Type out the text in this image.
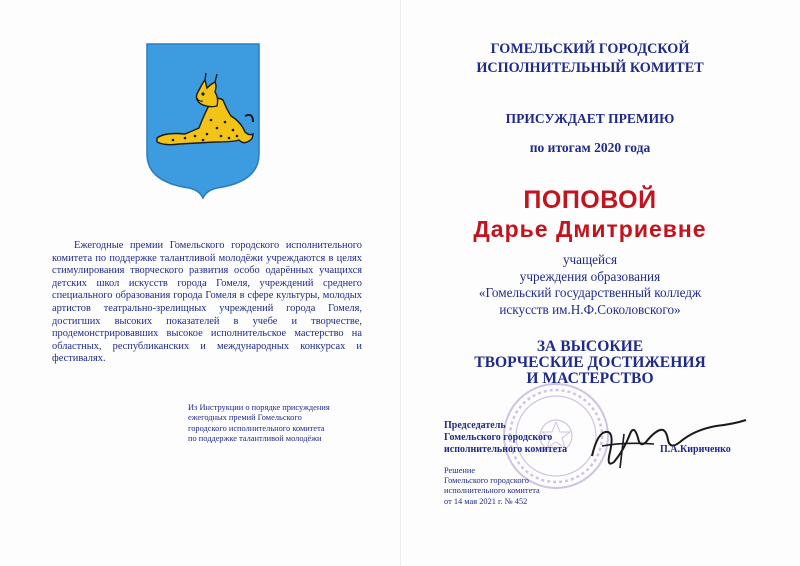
Ежегодные премии Гомельского городского исполнительного комитета по поддержке талантливой молодёжи учреждаются в целях стимулирования творческого развития особо одарённых учащихся детских школ искусств города Гомеля, учреждений среднего специального образования города Гомеля в сфере культуры, молодых артистов театрально-зрелищных учреждений города Гомеля, достигших высоких показателей в учебе и творчестве, продемонстрировавших высокое исполнительское мастерство на областных, республиканских и международных конкурсах и фестивалях.

Из Инструкции о порядке присуждения
ежегодных премий Гомельского
городского исполнительного комитета
по поддержке талантливой молодёжи
ГОМЕЛЬСКИЙ ГОРОДСКОЙ
ИСПОЛНИТЕЛЬНЫЙ КОМИТЕТ
ПРИСУЖДАЕТ ПРЕМИЮ
по итогам 2020 года
ПОПОВОЙ
Дарье Дмитриевне
учащейся
учреждения образования
«Гомельский государственный колледж
искусств им.Н.Ф.Соколовского»
ЗА ВЫСОКИЕ
ТВОРЧЕСКИЕ ДОСТИЖЕНИЯ
И МАСТЕРСТВО
Председатель
Гомельского городского
исполнительного комитета	П.А.Кириченко
Решение
Гомельского городского
исполнительного комитета
от 14 мая 2021 г. № 452
